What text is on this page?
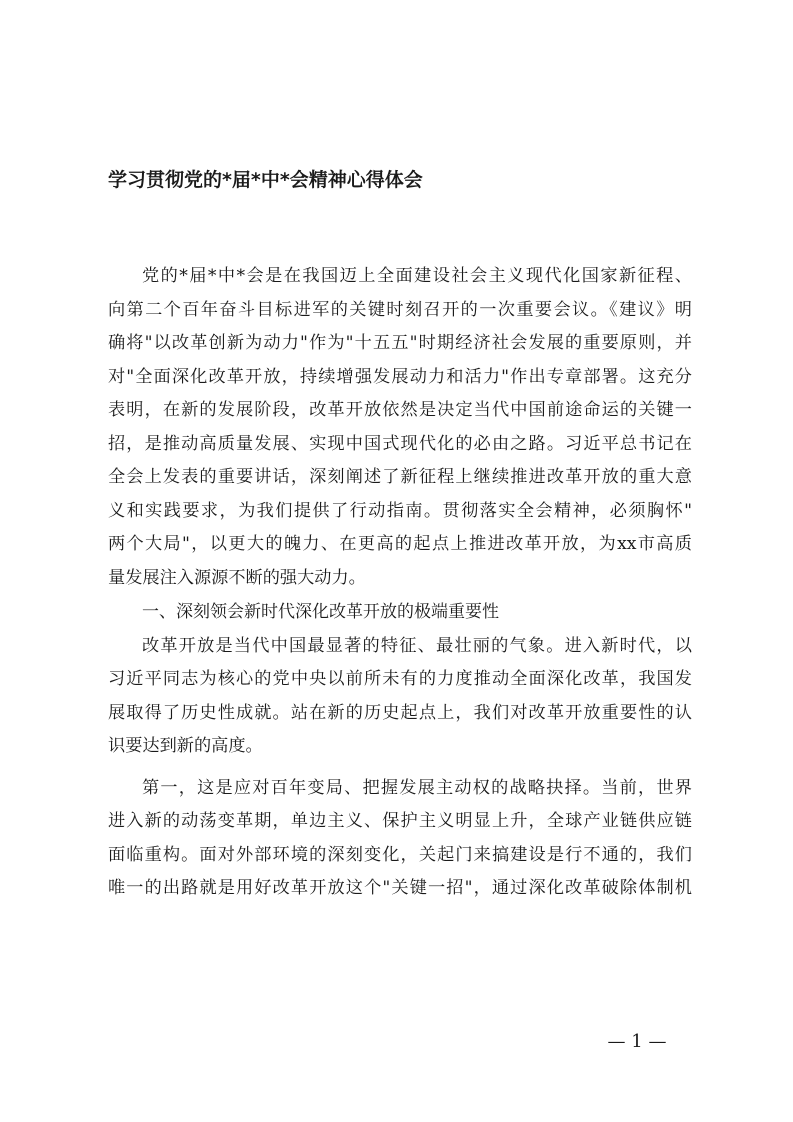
学习贯彻党的*届*中*会精神心得体会
党的*届*中*会是在我国迈上全面建设社会主义现代化国家新征程、
向第二个百年奋斗目标进军的关键时刻召开的一次重要会议。《建议》明
确将"以改革创新为动力"作为"十五五"时期经济社会发展的重要原则，并
对"全面深化改革开放，持续增强发展动力和活力"作出专章部署。这充分
表明，在新的发展阶段，改革开放依然是决定当代中国前途命运的关键一
招，是推动高质量发展、实现中国式现代化的必由之路。习近平总书记在
全会上发表的重要讲话，深刻阐述了新征程上继续推进改革开放的重大意
义和实践要求，为我们提供了行动指南。贯彻落实全会精神，必须胸怀"
两个大局"，以更大的魄力、在更高的起点上推进改革开放，为xx市高质
量发展注入源源不断的强大动力。
一、深刻领会新时代深化改革开放的极端重要性
改革开放是当代中国最显著的特征、最壮丽的气象。进入新时代，以
习近平同志为核心的党中央以前所未有的力度推动全面深化改革，我国发
展取得了历史性成就。站在新的历史起点上，我们对改革开放重要性的认
识要达到新的高度。
第一，这是应对百年变局、把握发展主动权的战略抉择。当前，世界
进入新的动荡变革期，单边主义、保护主义明显上升，全球产业链供应链
面临重构。面对外部环境的深刻变化，关起门来搞建设是行不通的，我们
唯一的出路就是用好改革开放这个"关键一招"，通过深化改革破除体制机
— 1 —
